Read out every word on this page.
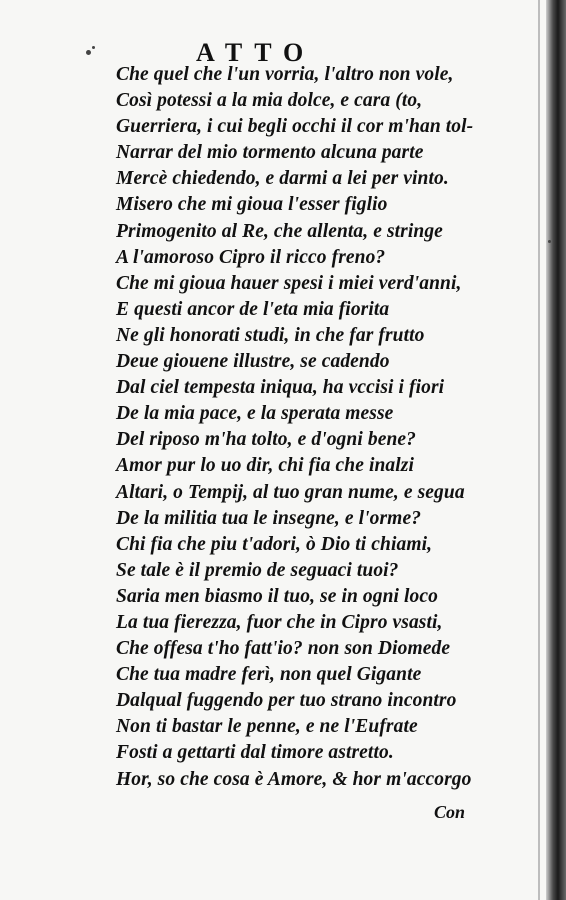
ATTO
Che quel che l'un vorria, l'altro non vole,
Così potessi a la mia dolce, e cara (to,
Guerriera, i cui begli occhi il cor m'han tol-
Narrar del mio tormento alcuna parte
Mercè chiedendo, e darmi a lei per vinto.
Misero che mi gioua l'esser figlio
Primogenito al Re, che allenta, e stringe
A l'amoroso Cipro il ricco freno?
Che mi gioua hauer spesi i miei verd'anni,
E questi ancor de l'eta mia fiorita
Ne gli honorati studi, in che far frutto
Deue giouene illustre, se cadendo
Dal ciel tempesta iniqua, ha vccisi i fiori
De la mia pace, e la sperata messe
Del riposo m'ha tolto, e d'ogni bene?
Amor pur lo uo dir, chi fia che inalzi
Altari, o Tempij, al tuo gran nume, e segua
De la militia tua le insegne, e l'orme?
Chi fia che piu t'adori, ò Dio ti chiami,
Se tale è il premio de seguaci tuoi?
Saria men biasmo il tuo, se in ogni loco
La tua fierezza, fuor che in Cipro vsasti,
Che offesa t'ho fatt'io? non son Diomede
Che tua madre ferì, non quel Gigante
Dalqual fuggendo per tuo strano incontro
Non ti bastar le penne, e ne l'Eufrate
Fosti a gettarti dal timore astretto.
Hor, so che cosa è Amore, & hor m'accorgo
Con
